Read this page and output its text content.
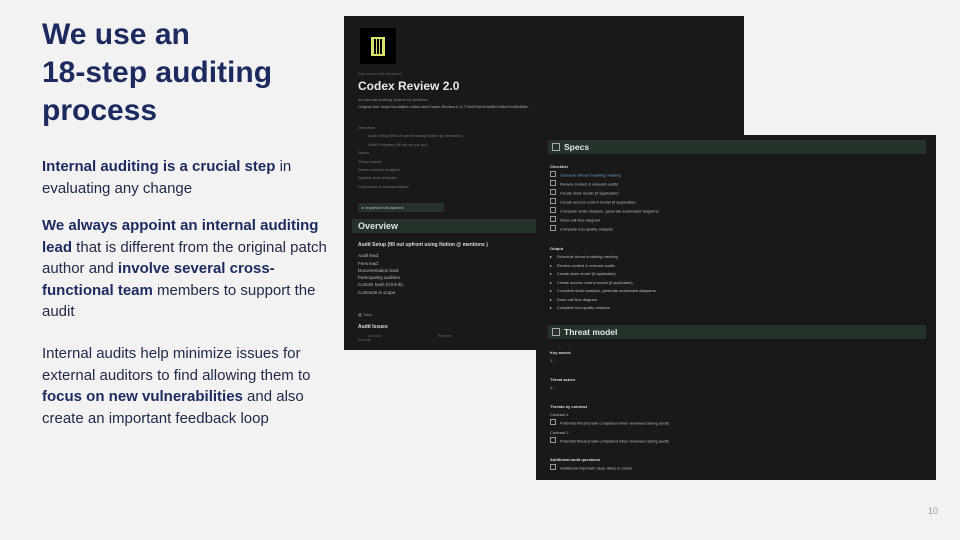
We use an
18-step auditing
process

Internal auditing is a crucial step in evaluating any change

We always appoint an internal auditing lead that is different from the original patch author and involve several cross-functional team members to support the audit

Internal audits help minimize issues for external auditors to find allowing them to focus on new vulnerabilities and also create an important feedback loop

Add cover Add comment
Codex Review 2.0
An internal auditing system by Audit8ex.
Original link: https://audit8ex.notion.site/Codex-Review-2-0-772e059ef1b4e8fb1e0bd7ec0fe8d6c
Overview
Audit Setup (fill out upfront using Notion @ mentions )
Audit Progress (fill out as you go)
Specs
Threat model
Smart contract analysis
System-level analysis
Comments & documentation
▸ Important Disclaimers
Overview
Audit Setup (fill out upfront using Notion @ mentions )
Audit lead:
Fees lead:
Documentation lead:
Participating auditors
Commit hash (Git link):
Contracts in scope
▦ Table
Audit Issues
Aa Issue	ReporterSeverity
Specs
Checklist
Schedule threat modeling meeting
Review context & relevant audits
Create state model (if applicable)
Create access control model (if applicable)
Complete static analysis, generate automated diagrams
Draw call flow diagram
Complete test quality analysis
Output
Schedule threat modeling meeting
Review context & relevant audits
Create state model (if applicable)
Create access control model (if applicable)
Complete static analysis, generate automated diagrams
Draw call flow diagram
Complete test quality analysis
Threat model
Key assets
1. ..
Threat actors
1. ..
Threats by contract
Contract 1
Potential threat (mark completed when reviewed during audit)
Contract 2
Potential threat (mark completed when reviewed during audit)
Additional audit questions
Additional important deep-dives to check
10
